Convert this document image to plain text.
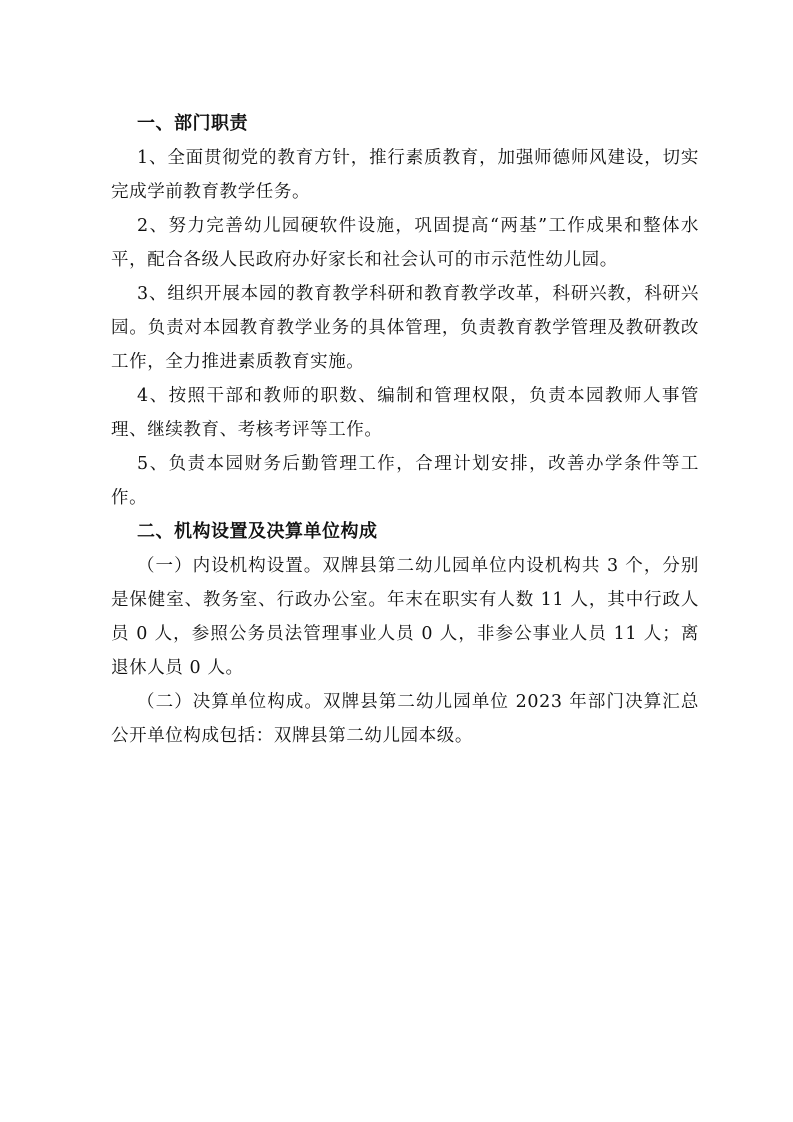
一、部门职责

1、全面贯彻党的教育方针，推行素质教育，加强师德师风建设，切实完成学前教育教学任务。

2、努力完善幼儿园硬软件设施，巩固提高“两基”工作成果和整体水平，配合各级人民政府办好家长和社会认可的市示范性幼儿园。

3、组织开展本园的教育教学科研和教育教学改革，科研兴教，科研兴园。负责对本园教育教学业务的具体管理，负责教育教学管理及教研教改工作，全力推进素质教育实施。

4、按照干部和教师的职数、编制和管理权限，负责本园教师人事管理、继续教育、考核考评等工作。

5、负责本园财务后勤管理工作，合理计划安排，改善办学条件等工作。

二、机构设置及决算单位构成

（一）内设机构设置。双牌县第二幼儿园单位内设机构共 3 个，分别是保健室、教务室、行政办公室。年末在职实有人数 11 人，其中行政人员 0 人，参照公务员法管理事业人员 0 人，非参公事业人员 11 人；离退休人员 0 人。

（二）决算单位构成。双牌县第二幼儿园单位 2023 年部门决算汇总公开单位构成包括：双牌县第二幼儿园本级。
